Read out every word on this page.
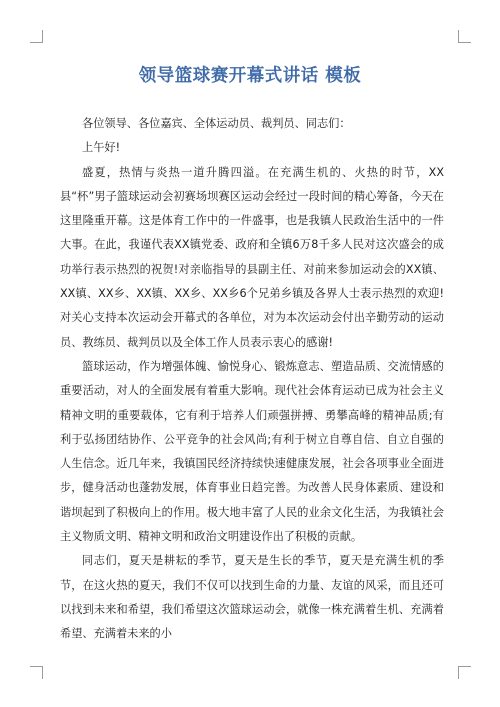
领导篮球赛开幕式讲话 模板

各位领导、各位嘉宾、全体运动员、裁判员、同志们：

上午好!

盛夏，热情与炎热一道升腾四溢。在充满生机的、火热的时节，XX县“杯”男子篮球运动会初赛场坝赛区运动会经过一段时间的精心筹备，今天在这里隆重开幕。这是体育工作中的一件盛事，也是我镇人民政治生活中的一件大事。在此，我谨代表XX镇党委、政府和全镇6万8千多人民对这次盛会的成功举行表示热烈的祝贺!对亲临指导的县副主任、对前来参加运动会的XX镇、XX镇、XX乡、XX镇、XX乡、XX乡6个兄弟乡镇及各界人士表示热烈的欢迎!对关心支持本次运动会开幕式的各单位，对为本次运动会付出辛勤劳动的运动员、教练员、裁判员以及全体工作人员表示衷心的感谢!

篮球运动，作为增强体魄、愉悦身心、锻炼意志、塑造品质、交流情感的重要活动，对人的全面发展有着重大影响。现代社会体育运动已成为社会主义精神文明的重要载体，它有利于培养人们顽强拼搏、勇攀高峰的精神品质;有利于弘扬团结协作、公平竞争的社会风尚;有利于树立自尊自信、自立自强的人生信念。近几年来，我镇国民经济持续快速健康发展，社会各项事业全面进步，健身活动也蓬勃发展，体育事业日趋完善。为改善人民身体素质、建设和谐坝起到了积极向上的作用。极大地丰富了人民的业余文化生活，为我镇社会主义物质文明、精神文明和政治文明建设作出了积极的贡献。

同志们，夏天是耕耘的季节，夏天是生长的季节，夏天是充满生机的季节，在这火热的夏天，我们不仅可以找到生命的力量、友谊的风采，而且还可以找到未来和希望，我们希望这次篮球运动会，就像一株充满着生机、充满着希望、充满着未来的小
